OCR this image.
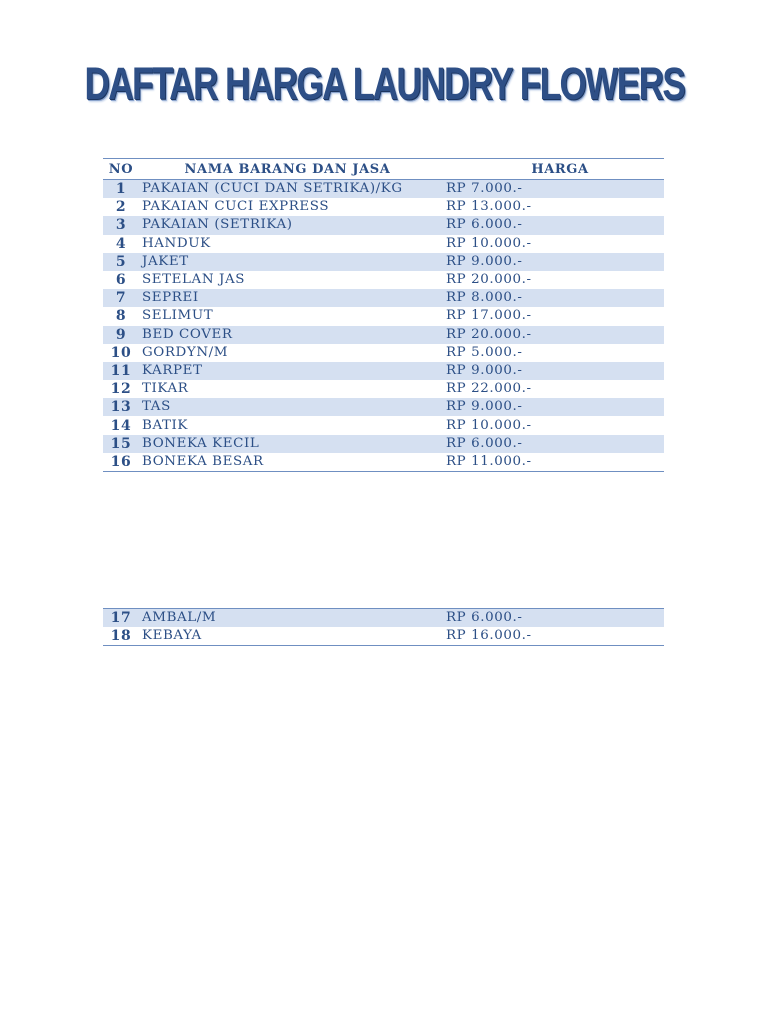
DAFTAR HARGA LAUNDRY FLOWERS
NO	NAMA BARANG DAN JASA	HARGA
1	PAKAIAN (CUCI DAN SETRIKA)/KG	RP 7.000.-
2	PAKAIAN CUCI EXPRESS	RP 13.000.-
3	PAKAIAN (SETRIKA)	RP 6.000.-
4	HANDUK	RP 10.000.-
5	JAKET	RP 9.000.-
6	SETELAN JAS	RP 20.000.-
7	SEPREI	RP 8.000.-
8	SELIMUT	RP 17.000.-
9	BED COVER	RP 20.000.-
10	GORDYN/M	RP 5.000.-
11	KARPET	RP 9.000.-
12	TIKAR	RP 22.000.-
13	TAS	RP 9.000.-
14	BATIK	RP 10.000.-
15	BONEKA KECIL	RP 6.000.-
16	BONEKA BESAR	RP 11.000.-
17	AMBAL/M	RP 6.000.-
18	KEBAYA	RP 16.000.-
